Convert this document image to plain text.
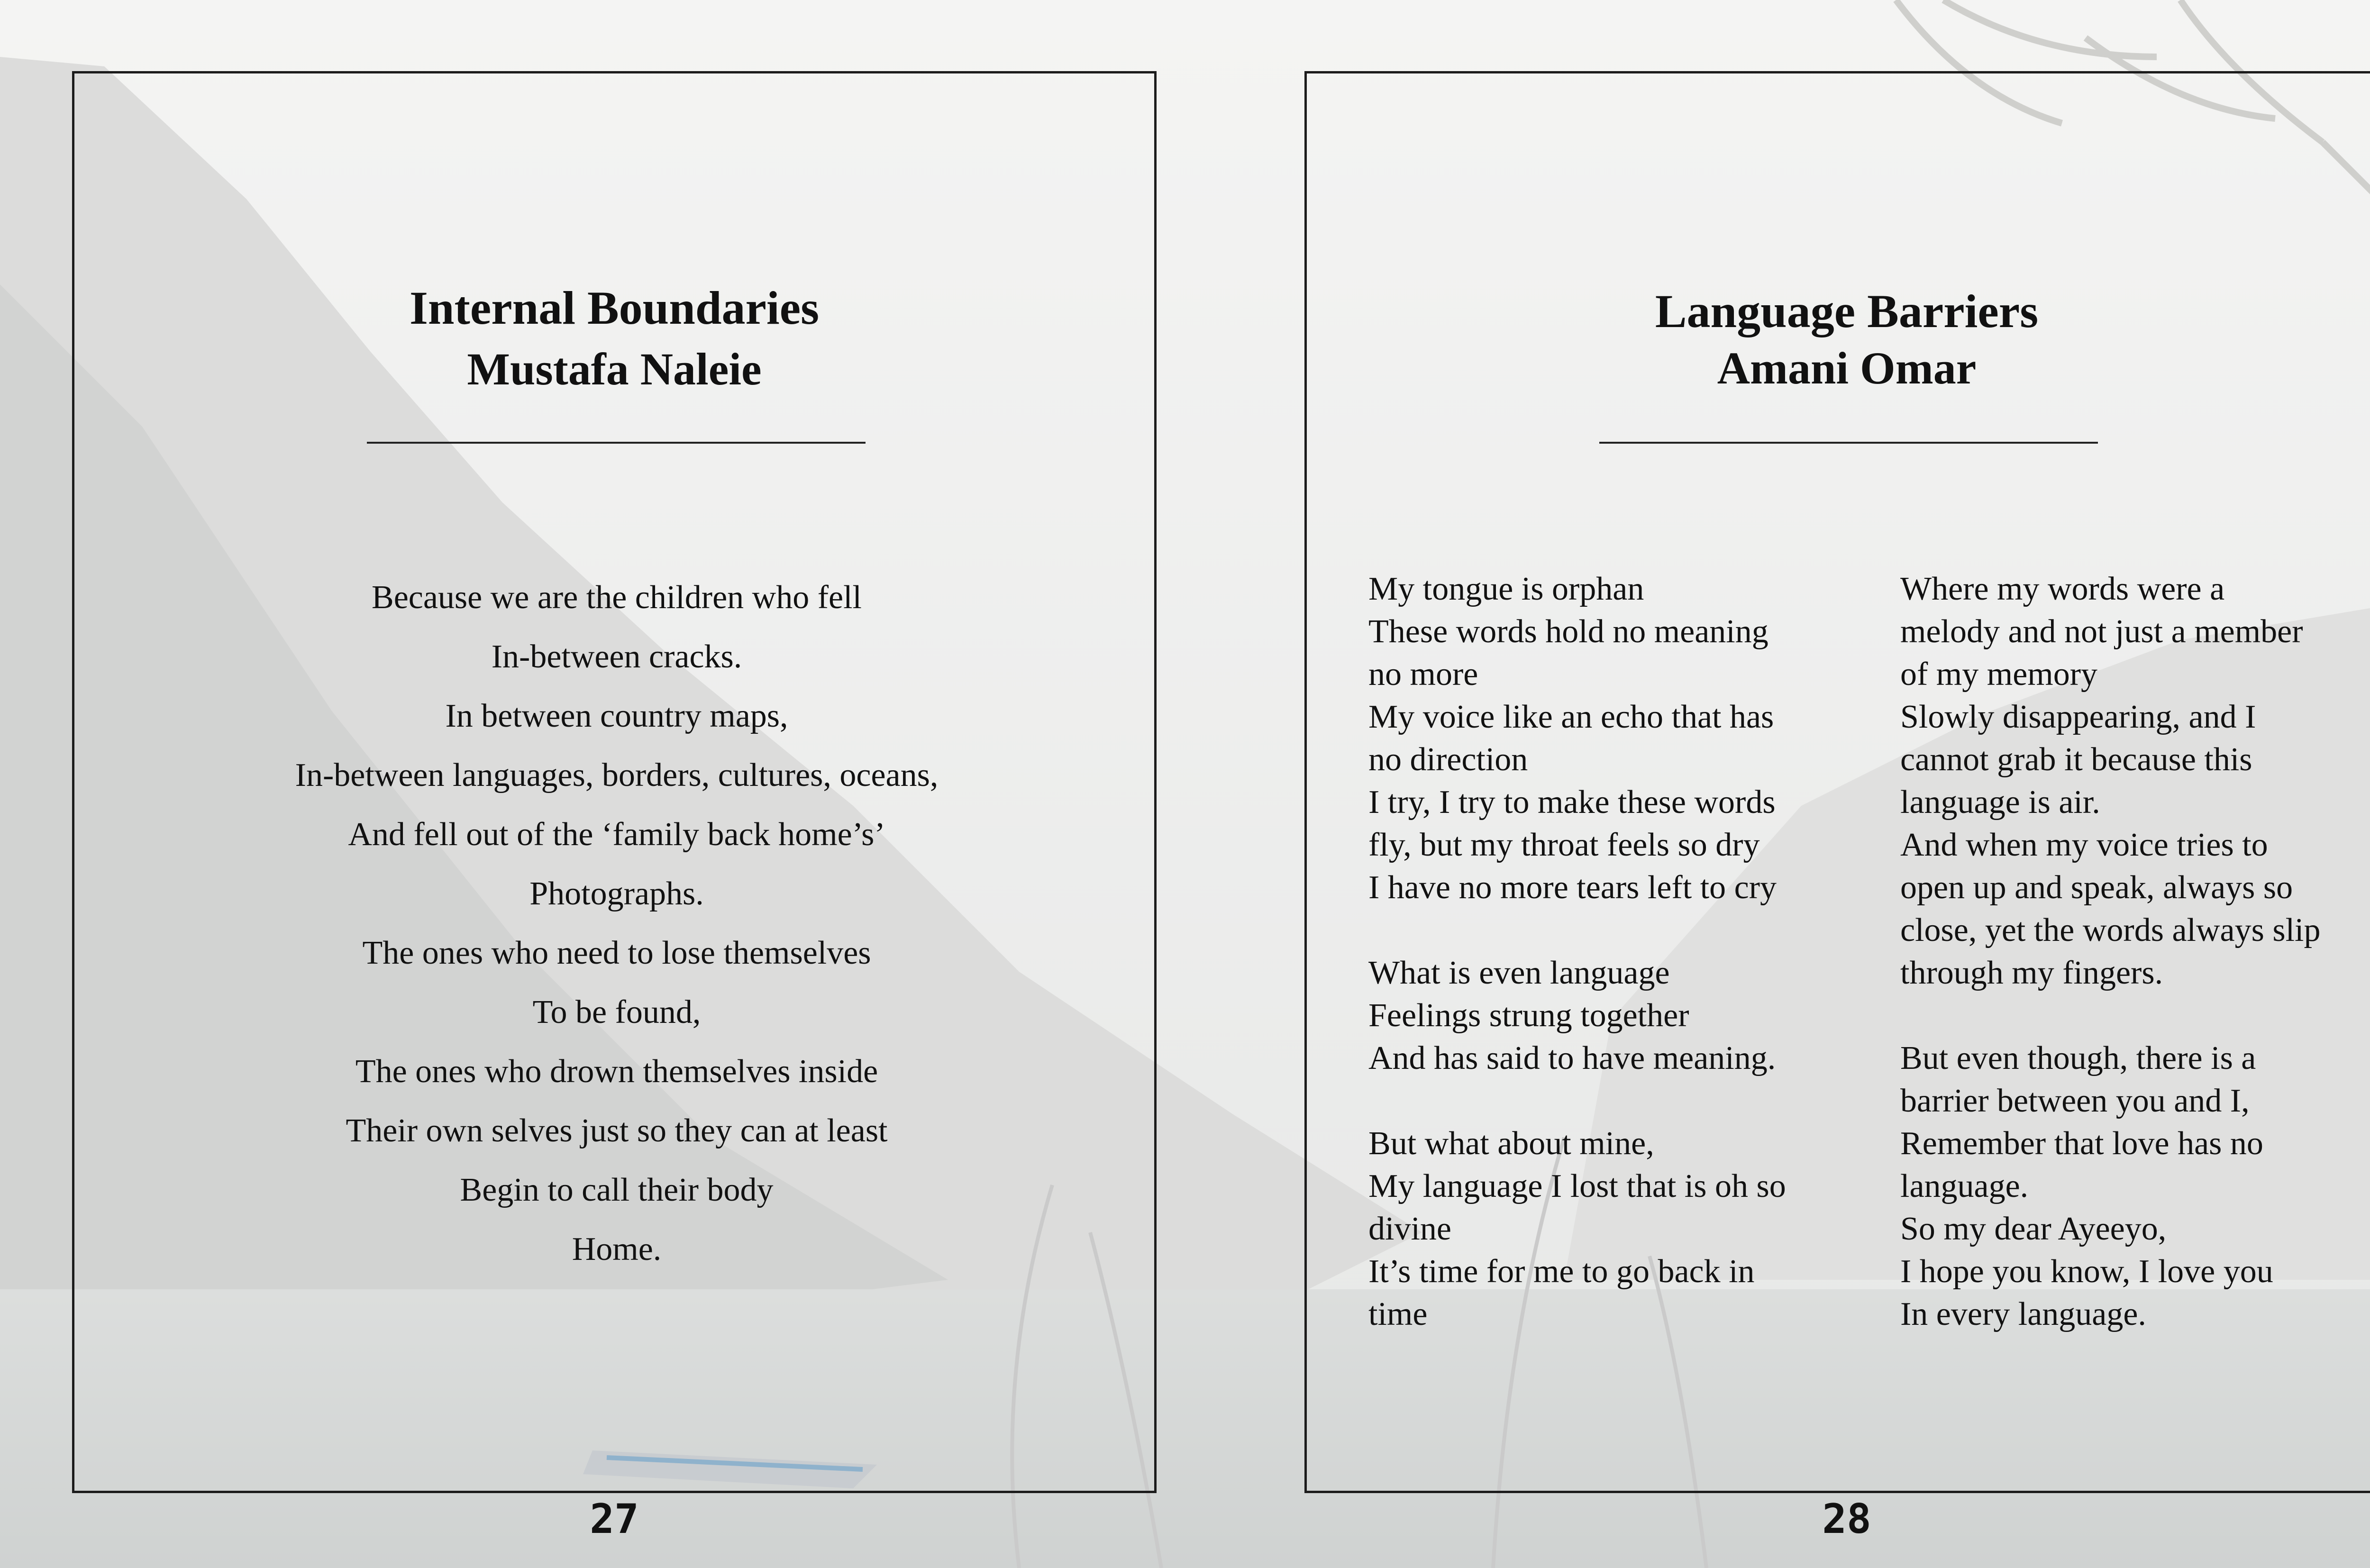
Internal Boundaries
Mustafa Naleie
Because we are the children who fell
In-between cracks.
In between country maps,
In-between languages, borders, cultures, oceans,
And fell out of the ‘family back home’s’
Photographs.
The ones who need to lose themselves
To be found,
The ones who drown themselves inside
Their own selves just so they can at least
Begin to call their body
Home.
Language Barriers
Amani Omar
My tongue is orphan
These words hold no meaning
no more
My voice like an echo that has
no direction
I try, I try to make these words
fly, but my throat feels so dry
I have no more tears left to cry
What is even language
Feelings strung together
And has said to have meaning.
But what about mine,
My language I lost that is oh so
divine
It’s time for me to go back in
time
Where my words were a
melody and not just a member
of my memory
Slowly disappearing, and I
cannot grab it because this
language is air.
And when my voice tries to
open up and speak, always so
close, yet the words always slip
through my fingers.
But even though, there is a
barrier between you and I,
Remember that love has no
language.
So my dear Ayeeyo,
I hope you know, I love you
In every language.
27	28
